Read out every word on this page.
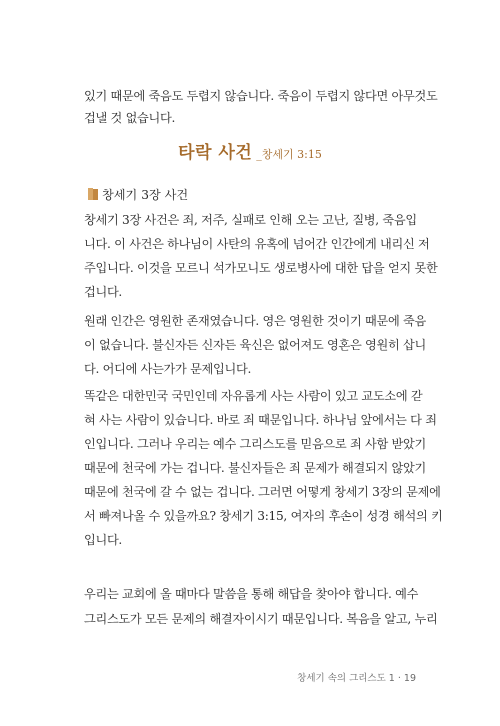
있기 때문에 죽음도 두렵지 않습니다. 죽음이 두렵지 않다면 아무것도
겁낼 것 없습니다.
타락 사건 _창세기 3:15
창세기 3장 사건
창세기 3장 사건은 죄, 저주, 실패로 인해 오는 고난, 질병, 죽음입
니다. 이 사건은 하나님이 사탄의 유혹에 넘어간 인간에게 내리신 저
주입니다. 이것을 모르니 석가모니도 생로병사에 대한 답을 얻지 못한
겁니다.
원래 인간은 영원한 존재였습니다. 영은 영원한 것이기 때문에 죽음
이 없습니다. 불신자든 신자든 육신은 없어져도 영혼은 영원히 삽니
다. 어디에 사는가가 문제입니다.
똑같은 대한민국 국민인데 자유롭게 사는 사람이 있고 교도소에 갇
혀 사는 사람이 있습니다. 바로 죄 때문입니다. 하나님 앞에서는 다 죄
인입니다. 그러나 우리는 예수 그리스도를 믿음으로 죄 사함 받았기
때문에 천국에 가는 겁니다. 불신자들은 죄 문제가 해결되지 않았기
때문에 천국에 갈 수 없는 겁니다. 그러면 어떻게 창세기 3장의 문제에
서 빠져나올 수 있을까요? 창세기 3:15, 여자의 후손이 성경 해석의 키
입니다.
우리는 교회에 올 때마다 말씀을 통해 해답을 찾아야 합니다. 예수
그리스도가 모든 문제의 해결자이시기 때문입니다. 복음을 알고, 누리
창세기 속의 그리스도 1 · 19
